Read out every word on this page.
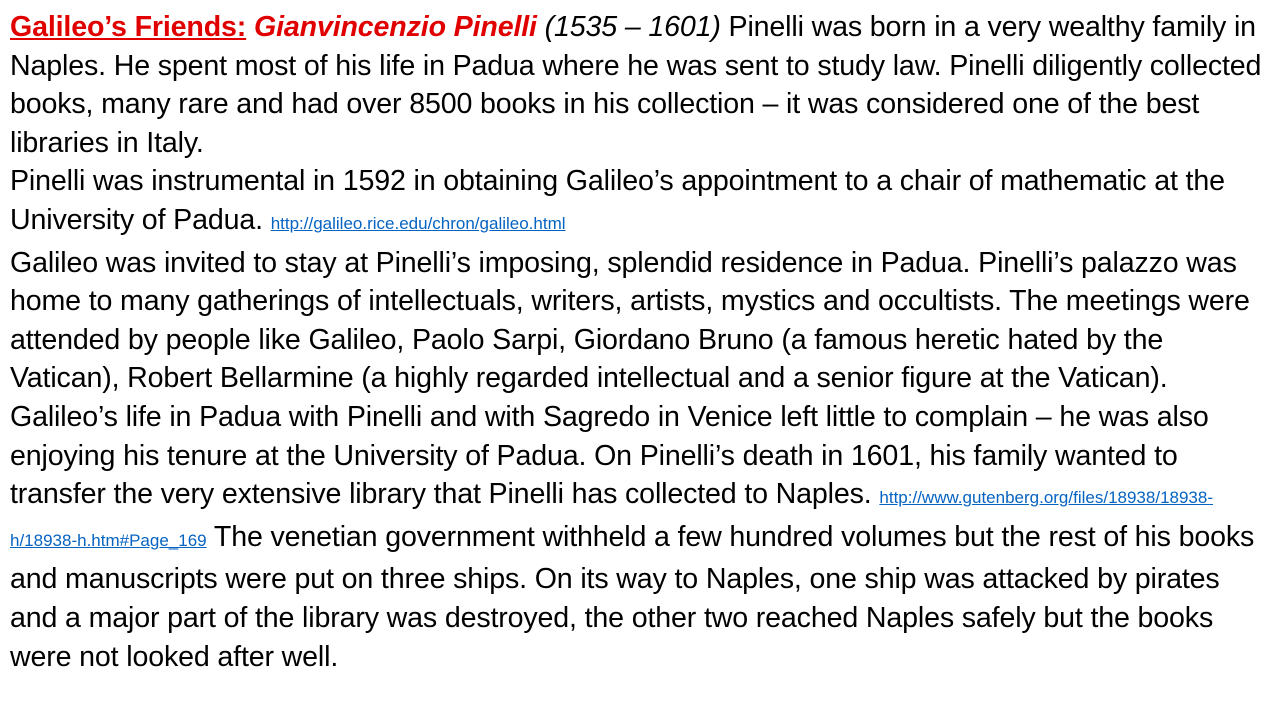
Galileo’s Friends: Gianvincenzio Pinelli (1535 – 1601) Pinelli was born in a very wealthy family in Naples. He spent most of his life in Padua where he was sent to study law. Pinelli diligently collected books, many rare and had over 8500 books in his collection – it was considered one of the best libraries in Italy.
Pinelli was instrumental in 1592 in obtaining Galileo’s appointment to a chair of mathematic at the University of Padua. http://galileo.rice.edu/chron/galileo.html
Galileo was invited to stay at Pinelli’s imposing, splendid residence in Padua. Pinelli’s palazzo was home to many gatherings of intellectuals, writers, artists, mystics and occultists. The meetings were attended by people like Galileo, Paolo Sarpi, Giordano Bruno (a famous heretic hated by the Vatican), Robert Bellarmine (a highly regarded intellectual and a senior figure at the Vatican). Galileo’s life in Padua with Pinelli and with Sagredo in Venice left little to complain – he was also enjoying his tenure at the University of Padua. On Pinelli’s death in 1601, his family wanted to transfer the very extensive library that Pinelli has collected to Naples. http://www.gutenberg.org/files/18938/18938-h/18938-h.htm#Page_169 The venetian government withheld a few hundred volumes but the rest of his books and manuscripts were put on three ships. On its way to Naples, one ship was attacked by pirates and a major part of the library was destroyed, the other two reached Naples safely but the books were not looked after well.
